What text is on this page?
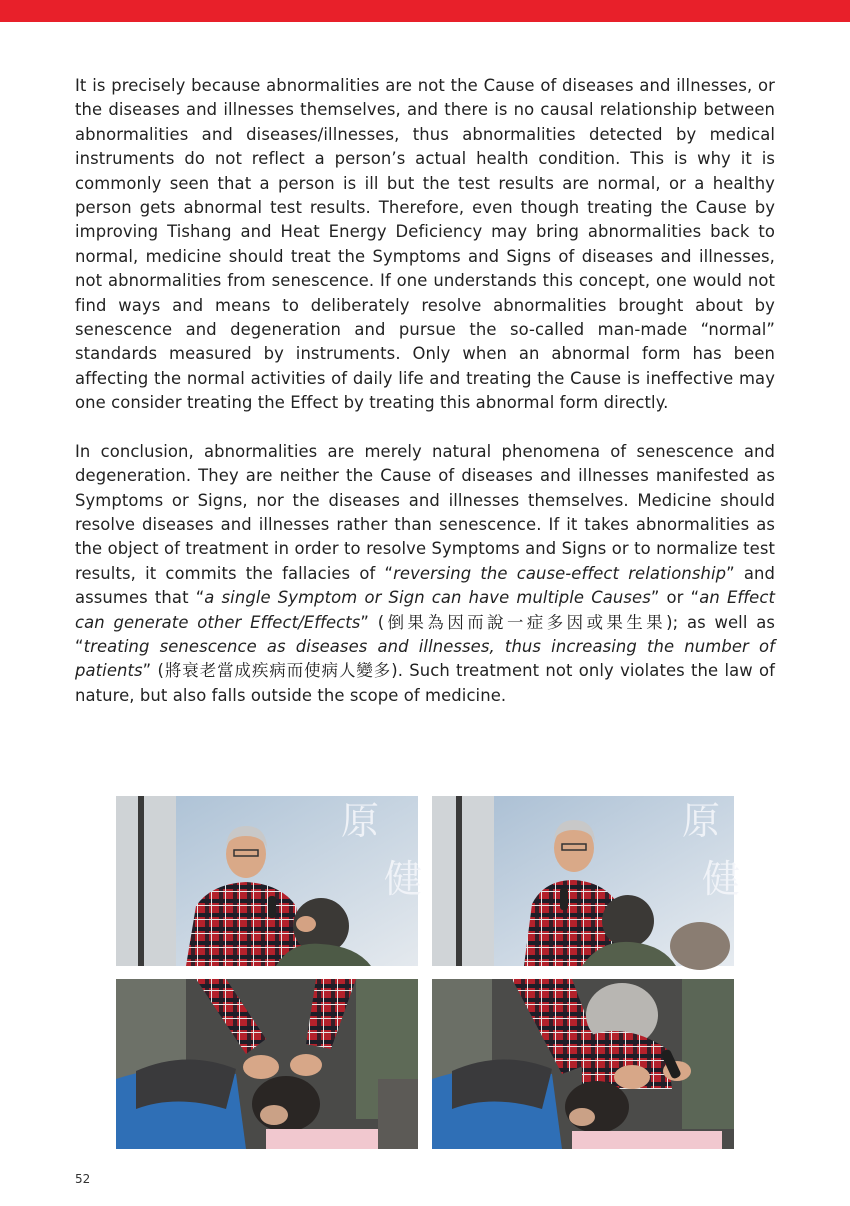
It is precisely because abnormalities are not the Cause of diseases and illnesses, or the diseases and illnesses themselves, and there is no causal relationship between abnormalities and diseases/illnesses, thus abnormalities detected by medical instruments do not reflect a person’s actual health condition. This is why it is commonly seen that a person is ill but the test results are normal, or a healthy person gets abnormal test results. Therefore, even though treating the Cause by improving Tishang and Heat Energy Deficiency may bring abnormalities back to normal, medicine should treat the Symptoms and Signs of diseases and illnesses, not abnormalities from senescence. If one understands this concept, one would not find ways and means to deliberately resolve abnormalities brought about by senescence and degeneration and pursue the so-called man-made “normal” standards measured by instruments. Only when an abnormal form has been affecting the normal activities of daily life and treating the Cause is ineffective may one consider treating the Effect by treating this abnormal form directly.

In conclusion, abnormalities are merely natural phenomena of senescence and degeneration. They are neither the Cause of diseases and illnesses manifested as Symptoms or Signs, nor the diseases and illnesses themselves. Medicine should resolve diseases and illnesses rather than senescence. If it takes abnormalities as the object of treatment in order to resolve Symptoms and Signs or to normalize test results, it commits the fallacies of “reversing the cause-effect relationship” and assumes that “a single Symptom or Sign can have multiple Causes” or “an Effect can generate other Effect/Effects” (倒果為因而說一症多因或果生果); as well as “treating senescence as diseases and illnesses, thus increasing the number of patients” (將衰老當成疾病而使病人變多). Such treatment not only violates the law of nature, but also falls outside the scope of medicine.

原
健
原
健
52
